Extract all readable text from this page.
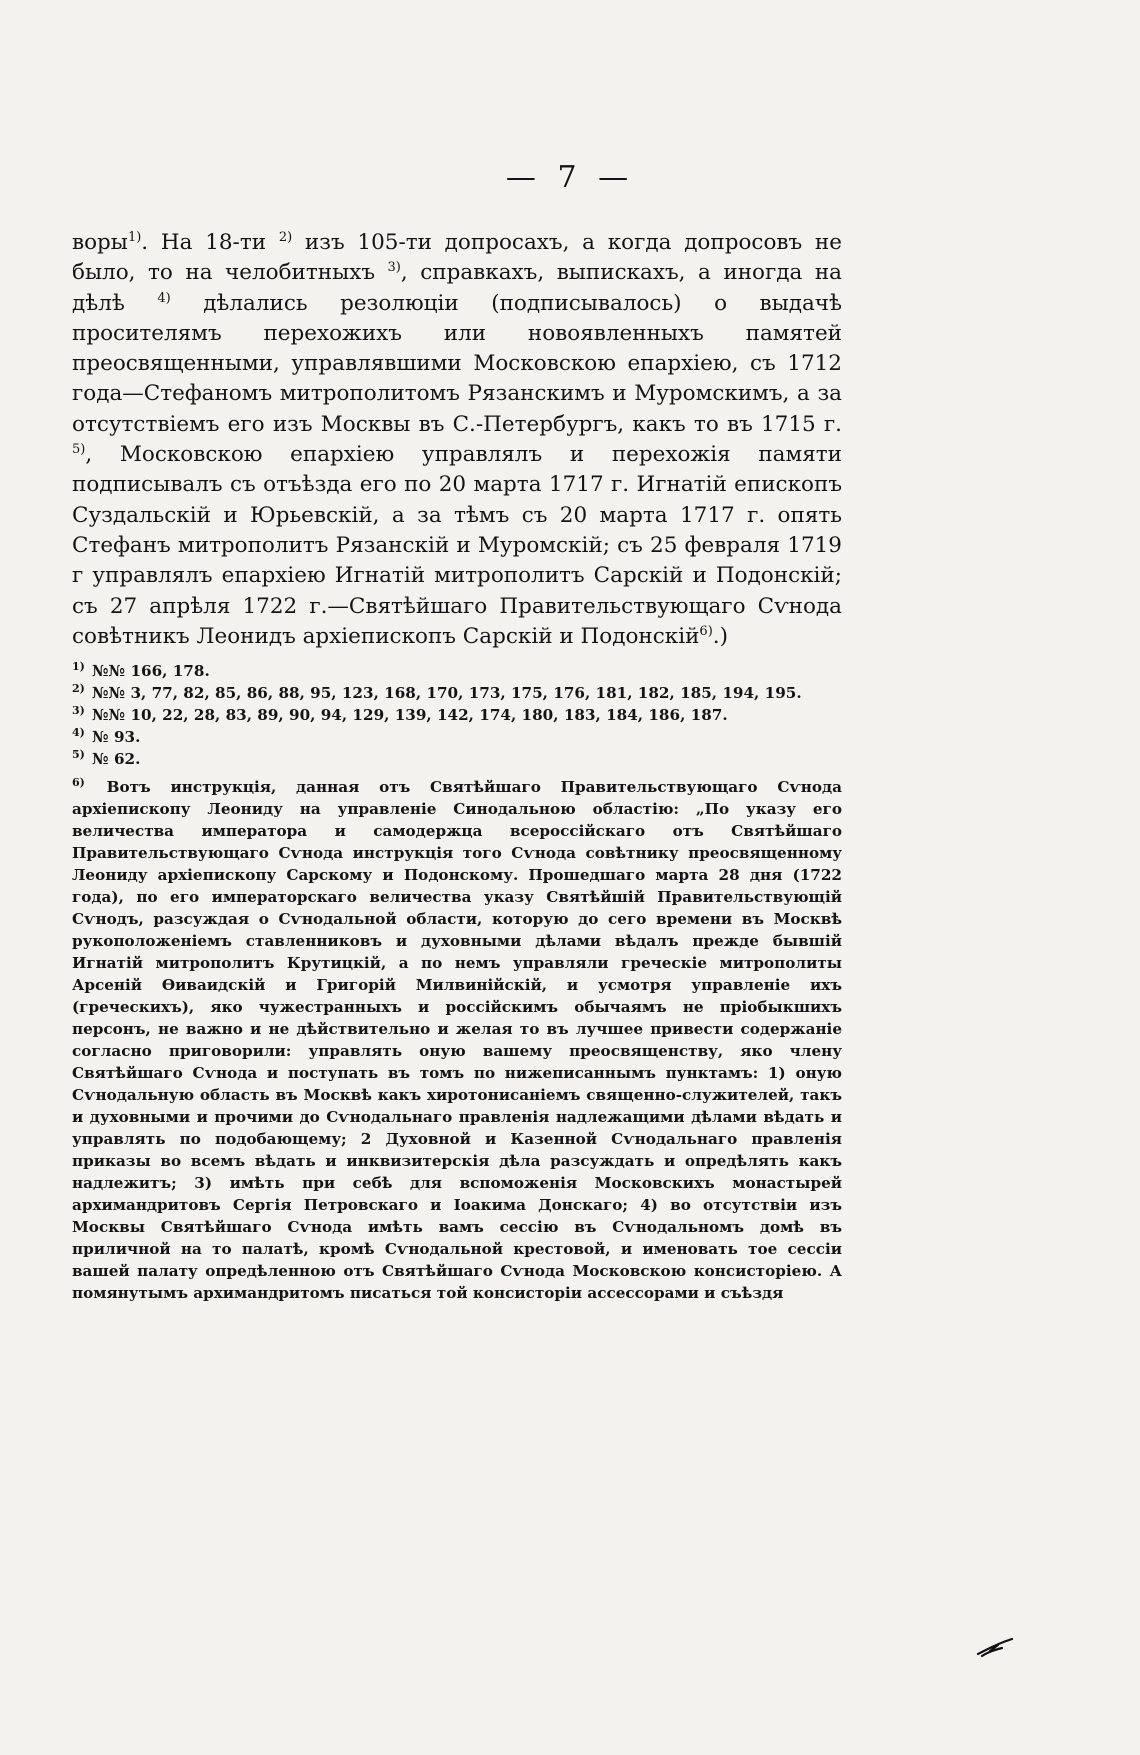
— 7 —
воры$^{1)}$. На 18-ти $^{2)}$ изъ 105-ти допросахъ, а когда допросовъ не было, то на челобитныхъ $^{3)}$, справкахъ, выпискахъ, а иногда на дѣлѣ $^{4)}$ дѣлались резолюціи (подписывалось) о выдачѣ просителямъ перехожихъ или новоявленныхъ памятей преосвященными, управлявшими Московскою епархіею, съ 1712 года—Стефаномъ митрополитомъ Рязанскимъ и Муромскимъ, а за отсутствіемъ его изъ Москвы въ С.-Петербургъ, какъ то въ 1715 г. $^{5)}$, Московскою епархіею управлялъ и перехожія памяти подписывалъ съ отъѣзда его по 20 марта 1717 г. Игнатій епископъ Суздальскій и Юрьевскій, а за тѣмъ съ 20 марта 1717 г. опять Стефанъ митрополитъ Рязанскій и Муромскій; съ 25 февраля 1719 г управлялъ епархіею Игнатій митрополитъ Сарскій и Подонскій; съ 27 апрѣля 1722 г.—Святѣйшаго Правительствующаго Сѵнода совѣтникъ Леонидъ архіепископъ Сарскій и Подонскій$^{6)}$.)

$^{1)}$ №№ 166, 178.

$^{2)}$ №№ 3, 77, 82, 85, 86, 88, 95, 123, 168, 170, 173, 175, 176, 181, 182, 185, 194, 195.

$^{3)}$ №№ 10, 22, 28, 83, 89, 90, 94, 129, 139, 142, 174, 180, 183, 184, 186, 187.

$^{4)}$ № 93.

$^{5)}$ № 62.

$^{6)}$ Вотъ инструкція, данная отъ Святѣйшаго Правительствующаго Сѵнода архіепископу Леониду на управленіе Синодальною областію: „По указу его величества императора и самодержца всероссійскаго отъ Святѣйшаго Правительствующаго Сѵнода инструкція того Сѵнода совѣтнику преосвященному Леониду архіепископу Сарскому и Подонскому. Прошедшаго марта 28 дня (1722 года), по его императорскаго величества указу Святѣйшій Правительствующій Сѵнодъ, разсуждая о Сѵнодальной области, которую до сего времени въ Москвѣ рукоположеніемъ ставленниковъ и духовными дѣлами вѣдалъ прежде бывшій Игнатій митрополитъ Крутицкій, а по немъ управляли греческіе митрополиты Арсеній Ѳиваидскій и Григорій Милвинійскій, и усмотря управленіе ихъ (греческихъ), яко чужестранныхъ и россійскимъ обычаямъ не пріобыкшихъ персонъ, не важно и не дѣйствительно и желая то въ лучшее привести содержаніе согласно приговорили: управлять оную вашему преосвященству, яко члену Святѣйшаго Сѵнода и поступать въ томъ по нижеписаннымъ пунктамъ: 1) оную Сѵнодальную область въ Москвѣ какъ хиротонисаніемъ священно-служителей, такъ и духовными и прочими до Сѵнодальнаго правленія надлежащими дѣлами вѣдать и управлять по подобающему; 2 Духовной и Казенной Сѵнодальнаго правленія приказы во всемъ вѣдать и инквизитерскія дѣла разсуждать и опредѣлять какъ надлежитъ; 3) имѣть при себѣ для вспоможенія Московскихъ монастырей архимандритовъ Сергія Петровскаго и Іоакима Донскаго; 4) во отсутствіи изъ Москвы Святѣйшаго Сѵнода имѣть вамъ сессію въ Сѵнодальномъ домѣ въ приличной на то палатѣ, кромѣ Сѵнодальной крестовой, и именовать тое сессіи вашей палату опредѣленною отъ Святѣйшаго Сѵнода Московскою консисторіею. А помянутымъ архимандритомъ писаться той консисторіи ассессорами и съѣздя
